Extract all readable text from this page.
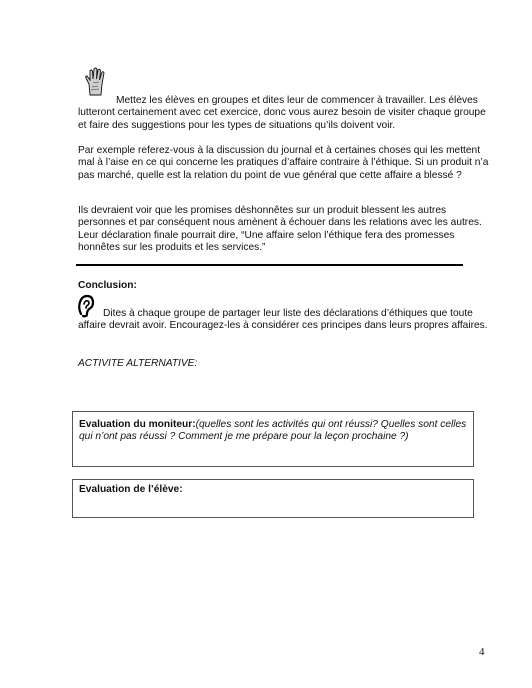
Mettez les élèves en groupes et dites leur de commencer à travailler. Les élèves
lutteront certainement avec cet exercice, donc vous aurez besoin de visiter chaque groupe et faire des suggestions pour les types de situations qu’ils doivent voir.

Par exemple referez-vous à la discussion du journal et à certaines choses qui les mettent mal à l’aise en ce qui concerne les pratiques d’affaire contraire à l’éthique. Si un produit n’a pas marché, quelle est la relation du point de vue général que cette affaire a blessé ?

Ils devraient voir que les promises déshonnêtes sur un produit blessent les autres personnes et par conséquent nous amènent à échouer dans les relations avec les autres. Leur déclaration finale pourrait dire, “Une affaire selon l’éthique fera des promesses honnêtes sur les produits et les services.”

Conclusion:

Dites à chaque groupe de partager leur liste des déclarations d’éthiques que toute
affaire devrait avoir. Encouragez-les à considérer ces principes dans leurs propres affaires.

ACTIVITE ALTERNATIVE:

Evaluation du moniteur:(quelles sont les activités qui ont réussi? Quelles sont celles qui n’ont pas réussi ? Comment je me prépare pour la leçon prochaine ?)

Evaluation de l’élève:

4
